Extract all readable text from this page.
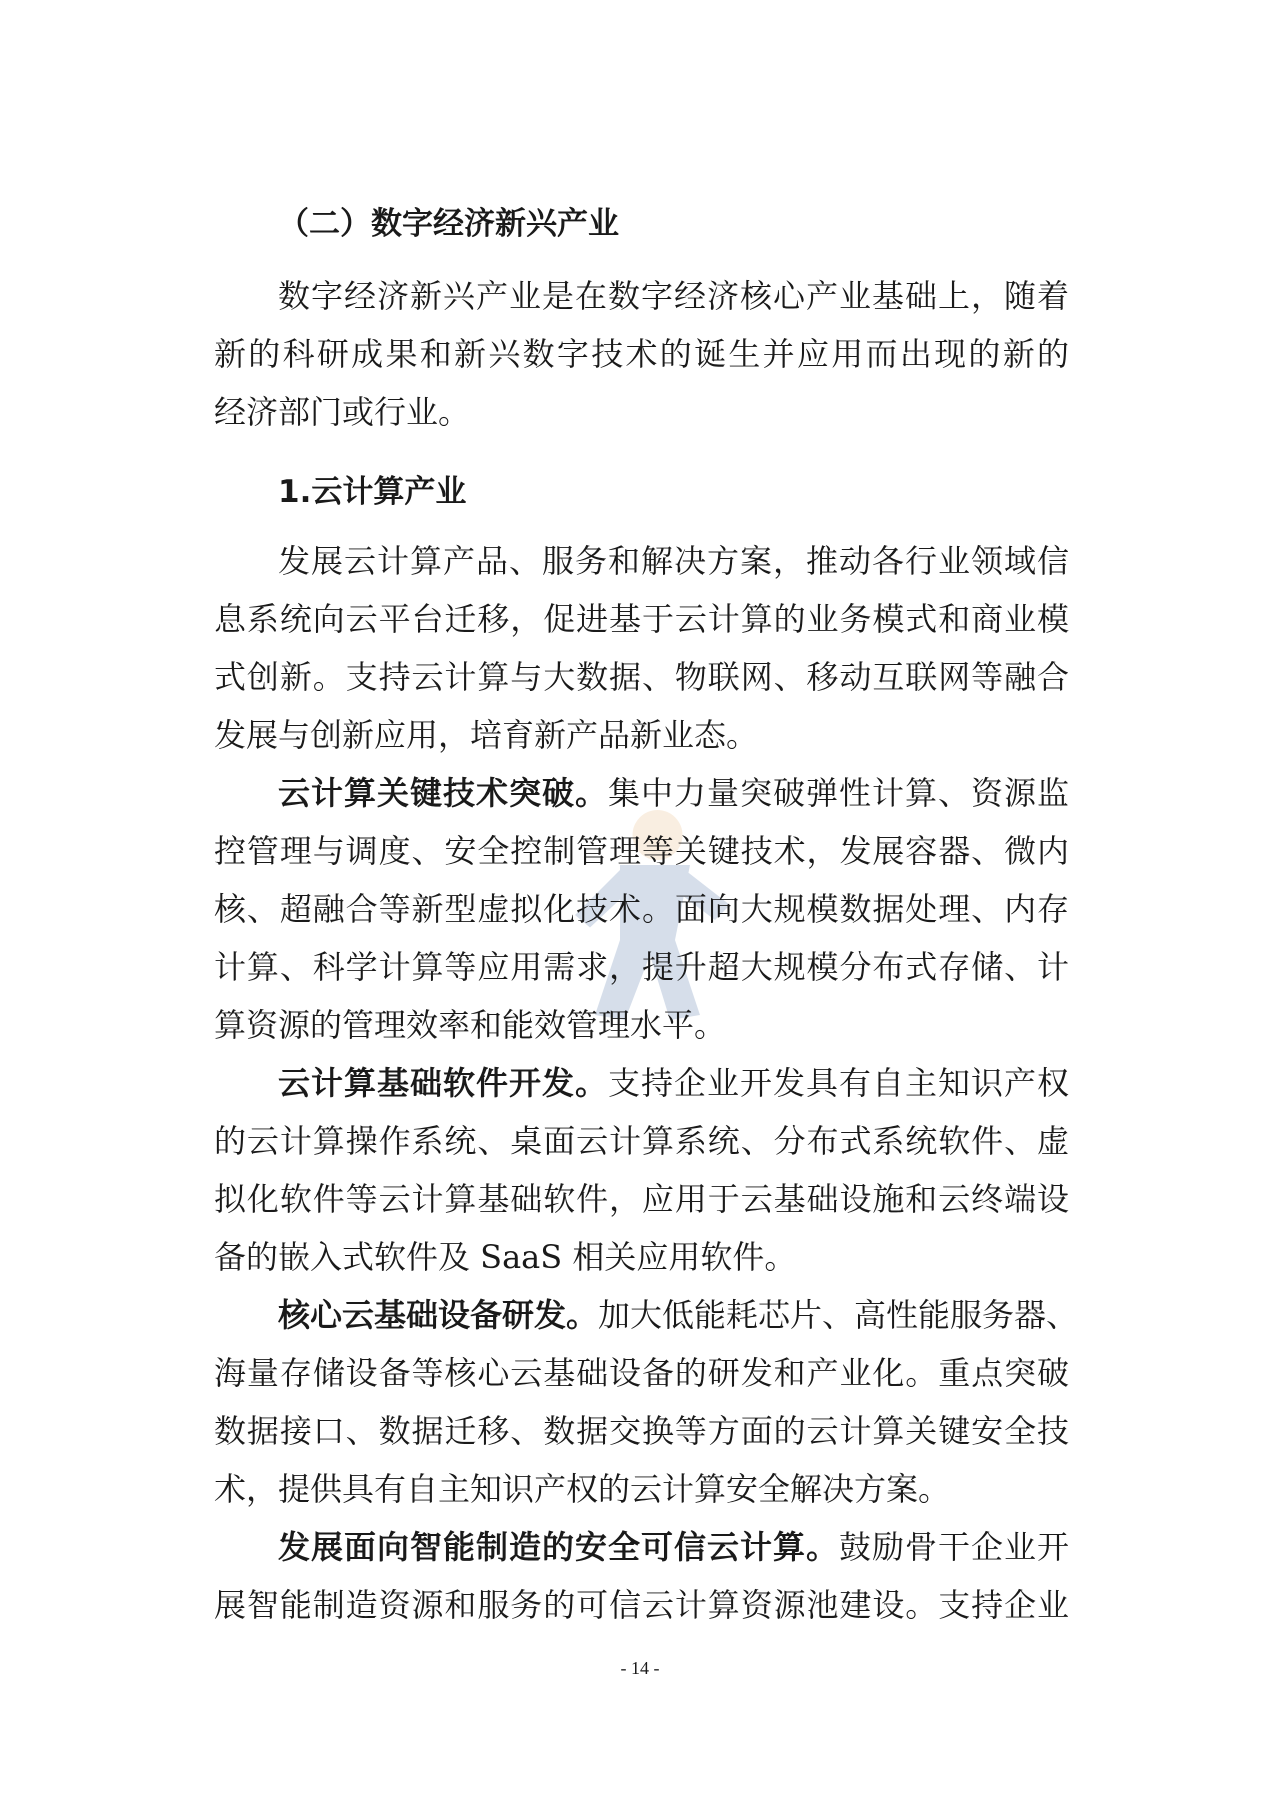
（二）数字经济新兴产业
数字经济新兴产业是在数字经济核心产业基础上，随着
新的科研成果和新兴数字技术的诞生并应用而出现的新的
经济部门或行业。
1.云计算产业
发展云计算产品、服务和解决方案，推动各行业领域信
息系统向云平台迁移，促进基于云计算的业务模式和商业模
式创新。支持云计算与大数据、物联网、移动互联网等融合
发展与创新应用，培育新产品新业态。
云计算关键技术突破。集中力量突破弹性计算、资源监
控管理与调度、安全控制管理等关键技术，发展容器、微内
核、超融合等新型虚拟化技术。面向大规模数据处理、内存
计算、科学计算等应用需求，提升超大规模分布式存储、计
算资源的管理效率和能效管理水平。
云计算基础软件开发。支持企业开发具有自主知识产权
的云计算操作系统、桌面云计算系统、分布式系统软件、虚
拟化软件等云计算基础软件，应用于云基础设施和云终端设
备的嵌入式软件及 SaaS 相关应用软件。
核心云基础设备研发。加大低能耗芯片、高性能服务器、
海量存储设备等核心云基础设备的研发和产业化。重点突破
数据接口、数据迁移、数据交换等方面的云计算关键安全技
术，提供具有自主知识产权的云计算安全解决方案。
发展面向智能制造的安全可信云计算。鼓励骨干企业开
展智能制造资源和服务的可信云计算资源池建设。支持企业
- 14 -
